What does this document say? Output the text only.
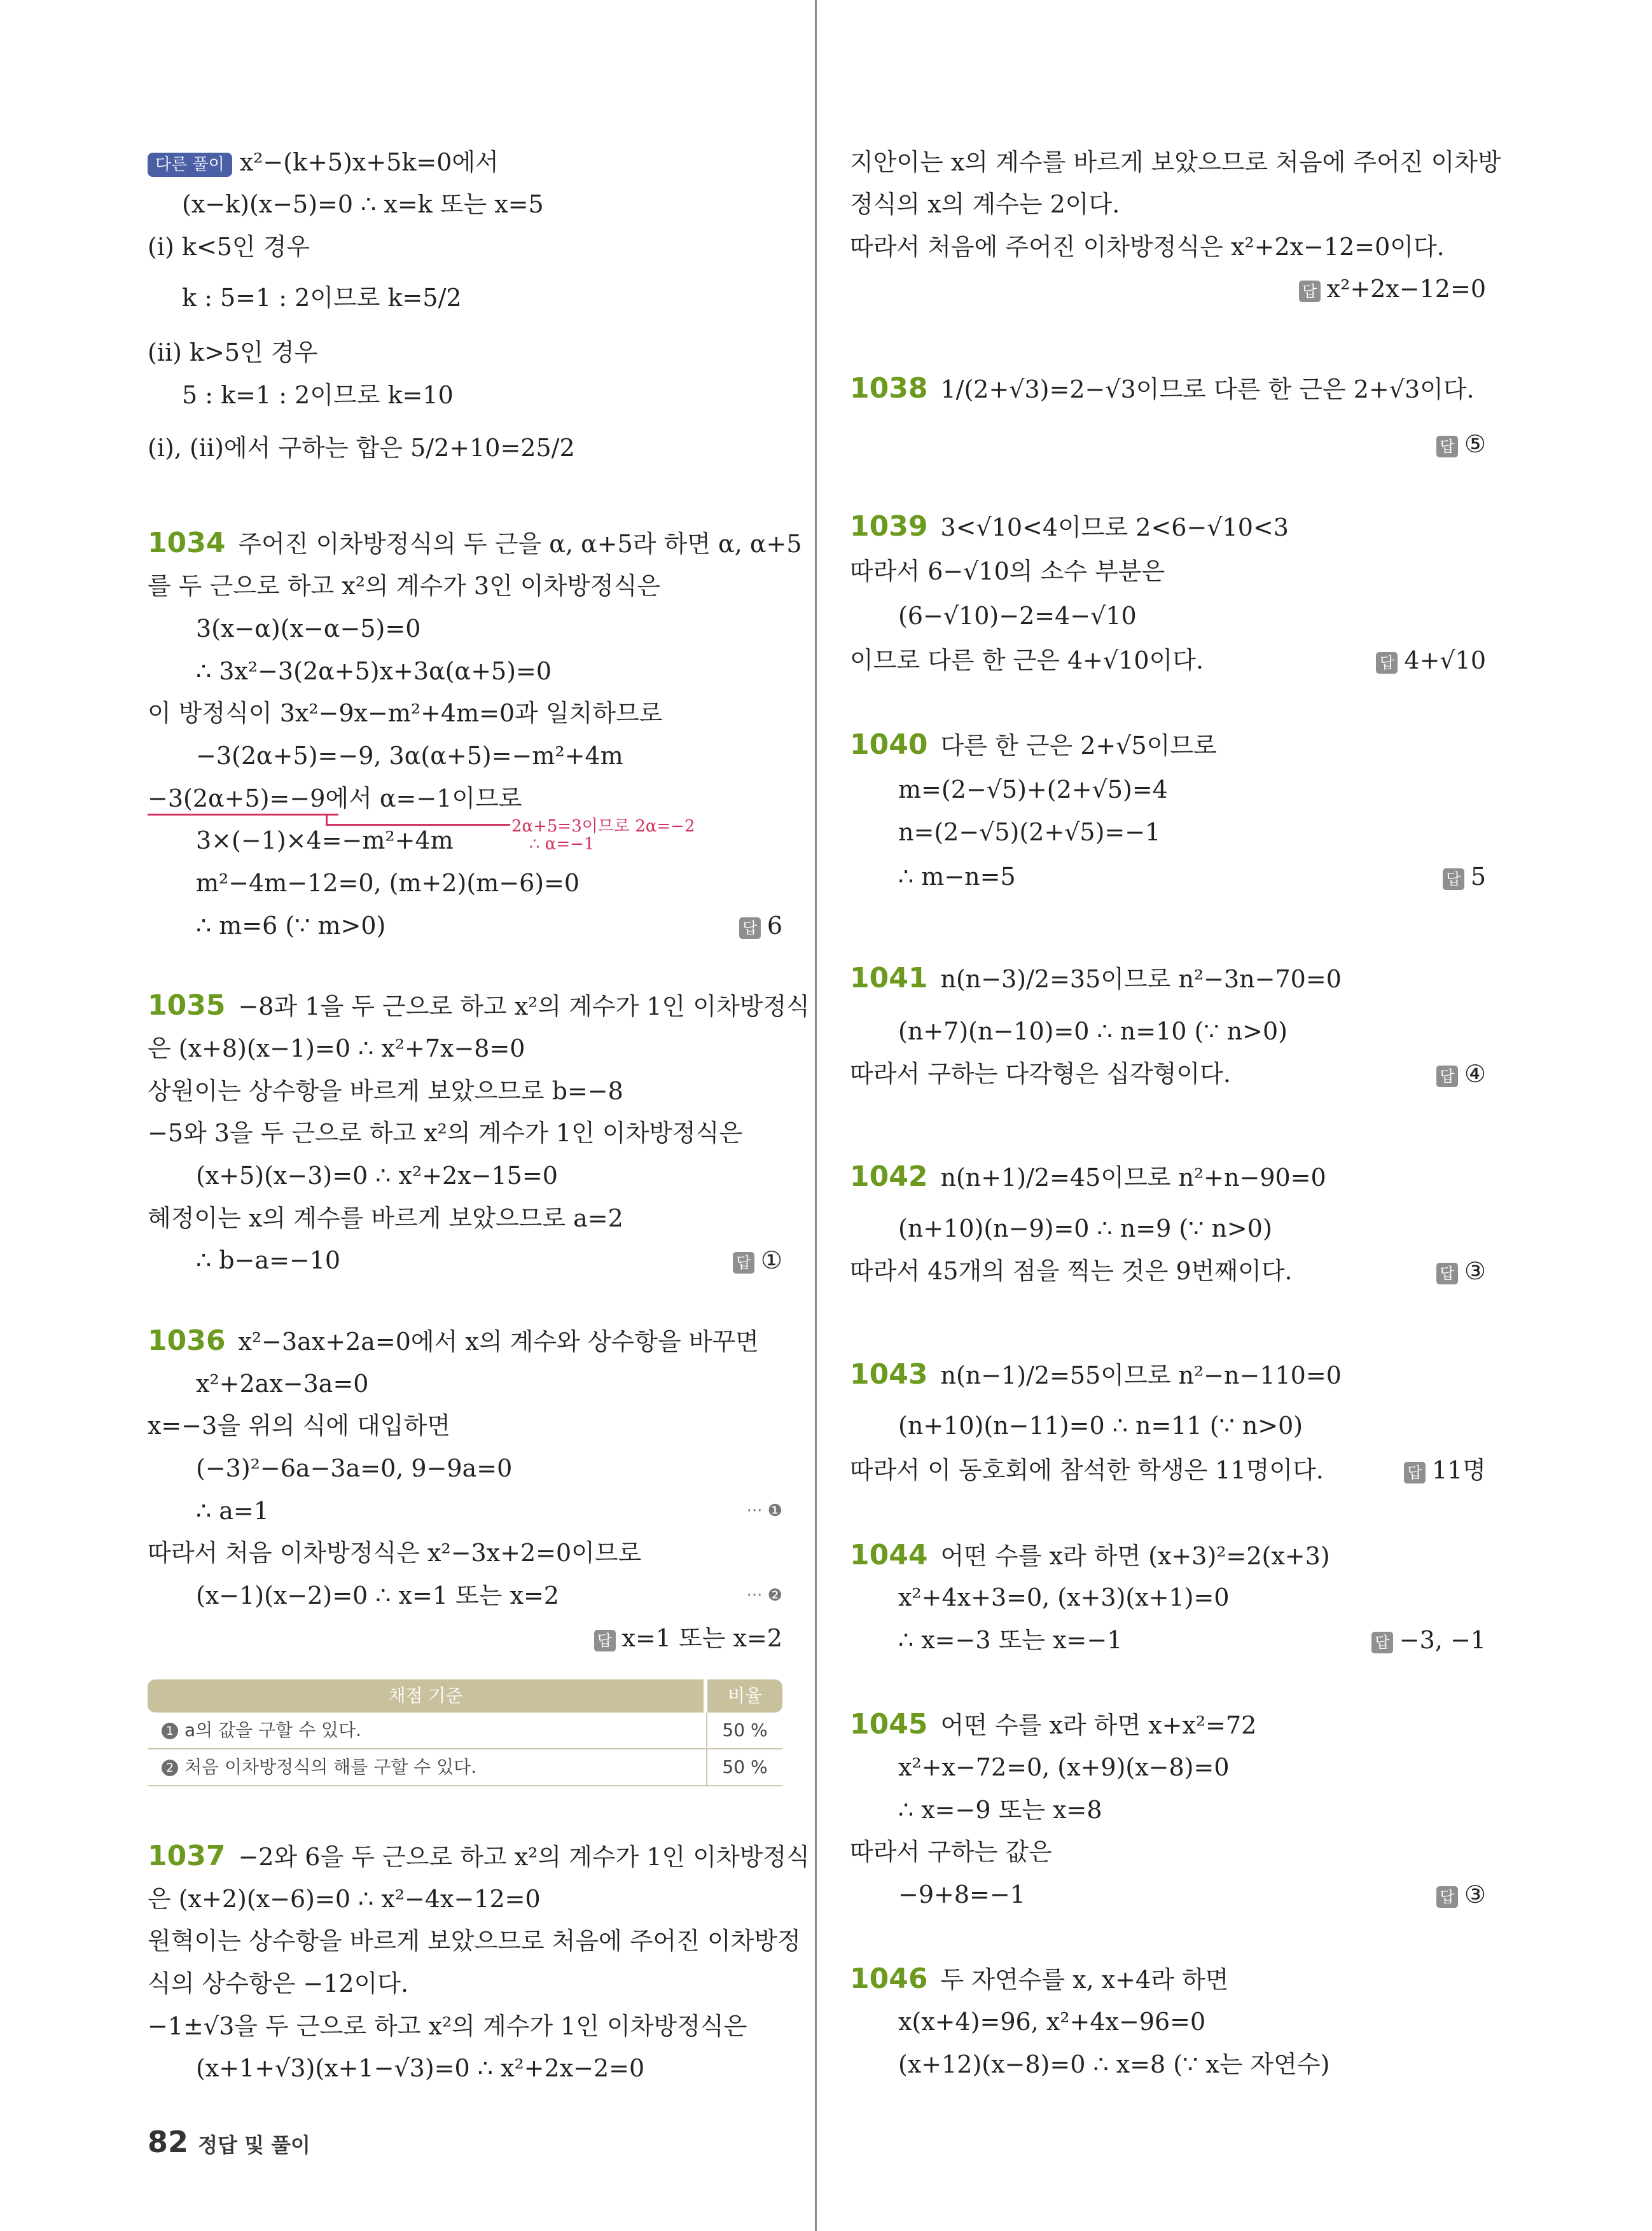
다른 풀이 x²−(k+5)x+5k=0에서
(x−k)(x−5)=0 ∴ x=k 또는 x=5
(ⅰ) k<5인 경우
k : 5=1 : 2이므로 k=5/2
(ⅱ) k>5인 경우
5 : k=1 : 2이므로 k=10
(ⅰ), (ⅱ)에서 구하는 합은 5/2+10=25/2
1034 주어진 이차방정식의 두 근을 α, α+5라 하면 α, α+5
를 두 근으로 하고 x²의 계수가 3인 이차방정식은
3(x−α)(x−α−5)=0
∴ 3x²−3(2α+5)x+3α(α+5)=0
이 방정식이 3x²−9x−m²+4m=0과 일치하므로
−3(2α+5)=−9, 3α(α+5)=−m²+4m
−3(2α+5)=−9에서 α=−1이므로
2α+5=3이므로 2α=−2
∴ α=−1
3×(−1)×4=−m²+4m
m²−4m−12=0, (m+2)(m−6)=0
∴ m=6 (∵ m>0)	답 6
1035 −8과 1을 두 근으로 하고 x²의 계수가 1인 이차방정식
은 (x+8)(x−1)=0 ∴ x²+7x−8=0
상원이는 상수항을 바르게 보았으므로 b=−8
−5와 3을 두 근으로 하고 x²의 계수가 1인 이차방정식은
(x+5)(x−3)=0 ∴ x²+2x−15=0
혜정이는 x의 계수를 바르게 보았으므로 a=2
∴ b−a=−10	답 ①
1036 x²−3ax+2a=0에서 x의 계수와 상수항을 바꾸면
x²+2ax−3a=0
x=−3을 위의 식에 대입하면
(−3)²−6a−3a=0, 9−9a=0
∴ a=1	··· ❶
따라서 처음 이차방정식은 x²−3x+2=0이므로
(x−1)(x−2)=0 ∴ x=1 또는 x=2	··· ❷
답 x=1 또는 x=2
채점 기준	비율
1 a의 값을 구할 수 있다.	50 %
2 처음 이차방정식의 해를 구할 수 있다.	50 %
1037 −2와 6을 두 근으로 하고 x²의 계수가 1인 이차방정식
은 (x+2)(x−6)=0 ∴ x²−4x−12=0
원혁이는 상수항을 바르게 보았으므로 처음에 주어진 이차방정
식의 상수항은 −12이다.
−1±√3을 두 근으로 하고 x²의 계수가 1인 이차방정식은
(x+1+√3)(x+1−√3)=0 ∴ x²+2x−2=0
지안이는 x의 계수를 바르게 보았으므로 처음에 주어진 이차방
정식의 x의 계수는 2이다.
따라서 처음에 주어진 이차방정식은 x²+2x−12=0이다.
답 x²+2x−12=0
1038 1/(2+√3)=2−√3이므로 다른 한 근은 2+√3이다.
답 ⑤
1039 3<√10<4이므로 2<6−√10<3
따라서 6−√10의 소수 부분은
(6−√10)−2=4−√10
이므로 다른 한 근은 4+√10이다.	답 4+√10
1040 다른 한 근은 2+√5이므로
m=(2−√5)+(2+√5)=4
n=(2−√5)(2+√5)=−1
∴ m−n=5	답 5
1041 n(n−3)/2=35이므로 n²−3n−70=0
(n+7)(n−10)=0 ∴ n=10 (∵ n>0)
따라서 구하는 다각형은 십각형이다.	답 ④
1042 n(n+1)/2=45이므로 n²+n−90=0
(n+10)(n−9)=0 ∴ n=9 (∵ n>0)
따라서 45개의 점을 찍는 것은 9번째이다.	답 ③
1043 n(n−1)/2=55이므로 n²−n−110=0
(n+10)(n−11)=0 ∴ n=11 (∵ n>0)
따라서 이 동호회에 참석한 학생은 11명이다.	답 11명
1044 어떤 수를 x라 하면 (x+3)²=2(x+3)
x²+4x+3=0, (x+3)(x+1)=0
∴ x=−3 또는 x=−1	답 −3, −1
1045 어떤 수를 x라 하면 x+x²=72
x²+x−72=0, (x+9)(x−8)=0
∴ x=−9 또는 x=8
따라서 구하는 값은
−9+8=−1	답 ③
1046 두 자연수를 x, x+4라 하면
x(x+4)=96, x²+4x−96=0
(x+12)(x−8)=0 ∴ x=8 (∵ x는 자연수)
82 정답 및 풀이
